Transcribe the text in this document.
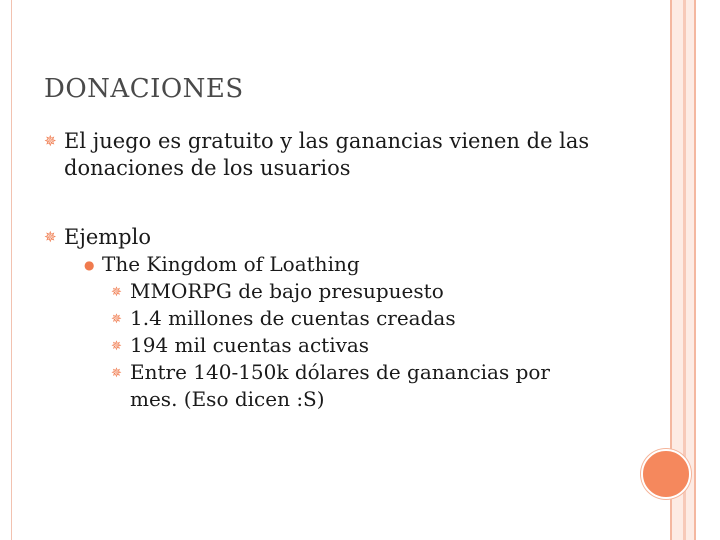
DONACIONES
✵ El juego es gratuito y las ganancias vienen de las
donaciones de los usuarios
✵ Ejemplo
● The Kingdom of Loathing
✵ MMORPG de bajo presupuesto
✵ 1.4 millones de cuentas creadas
✵ 194 mil cuentas activas
✵ Entre 140-150k dólares de ganancias por
mes. (Eso dicen :S)
